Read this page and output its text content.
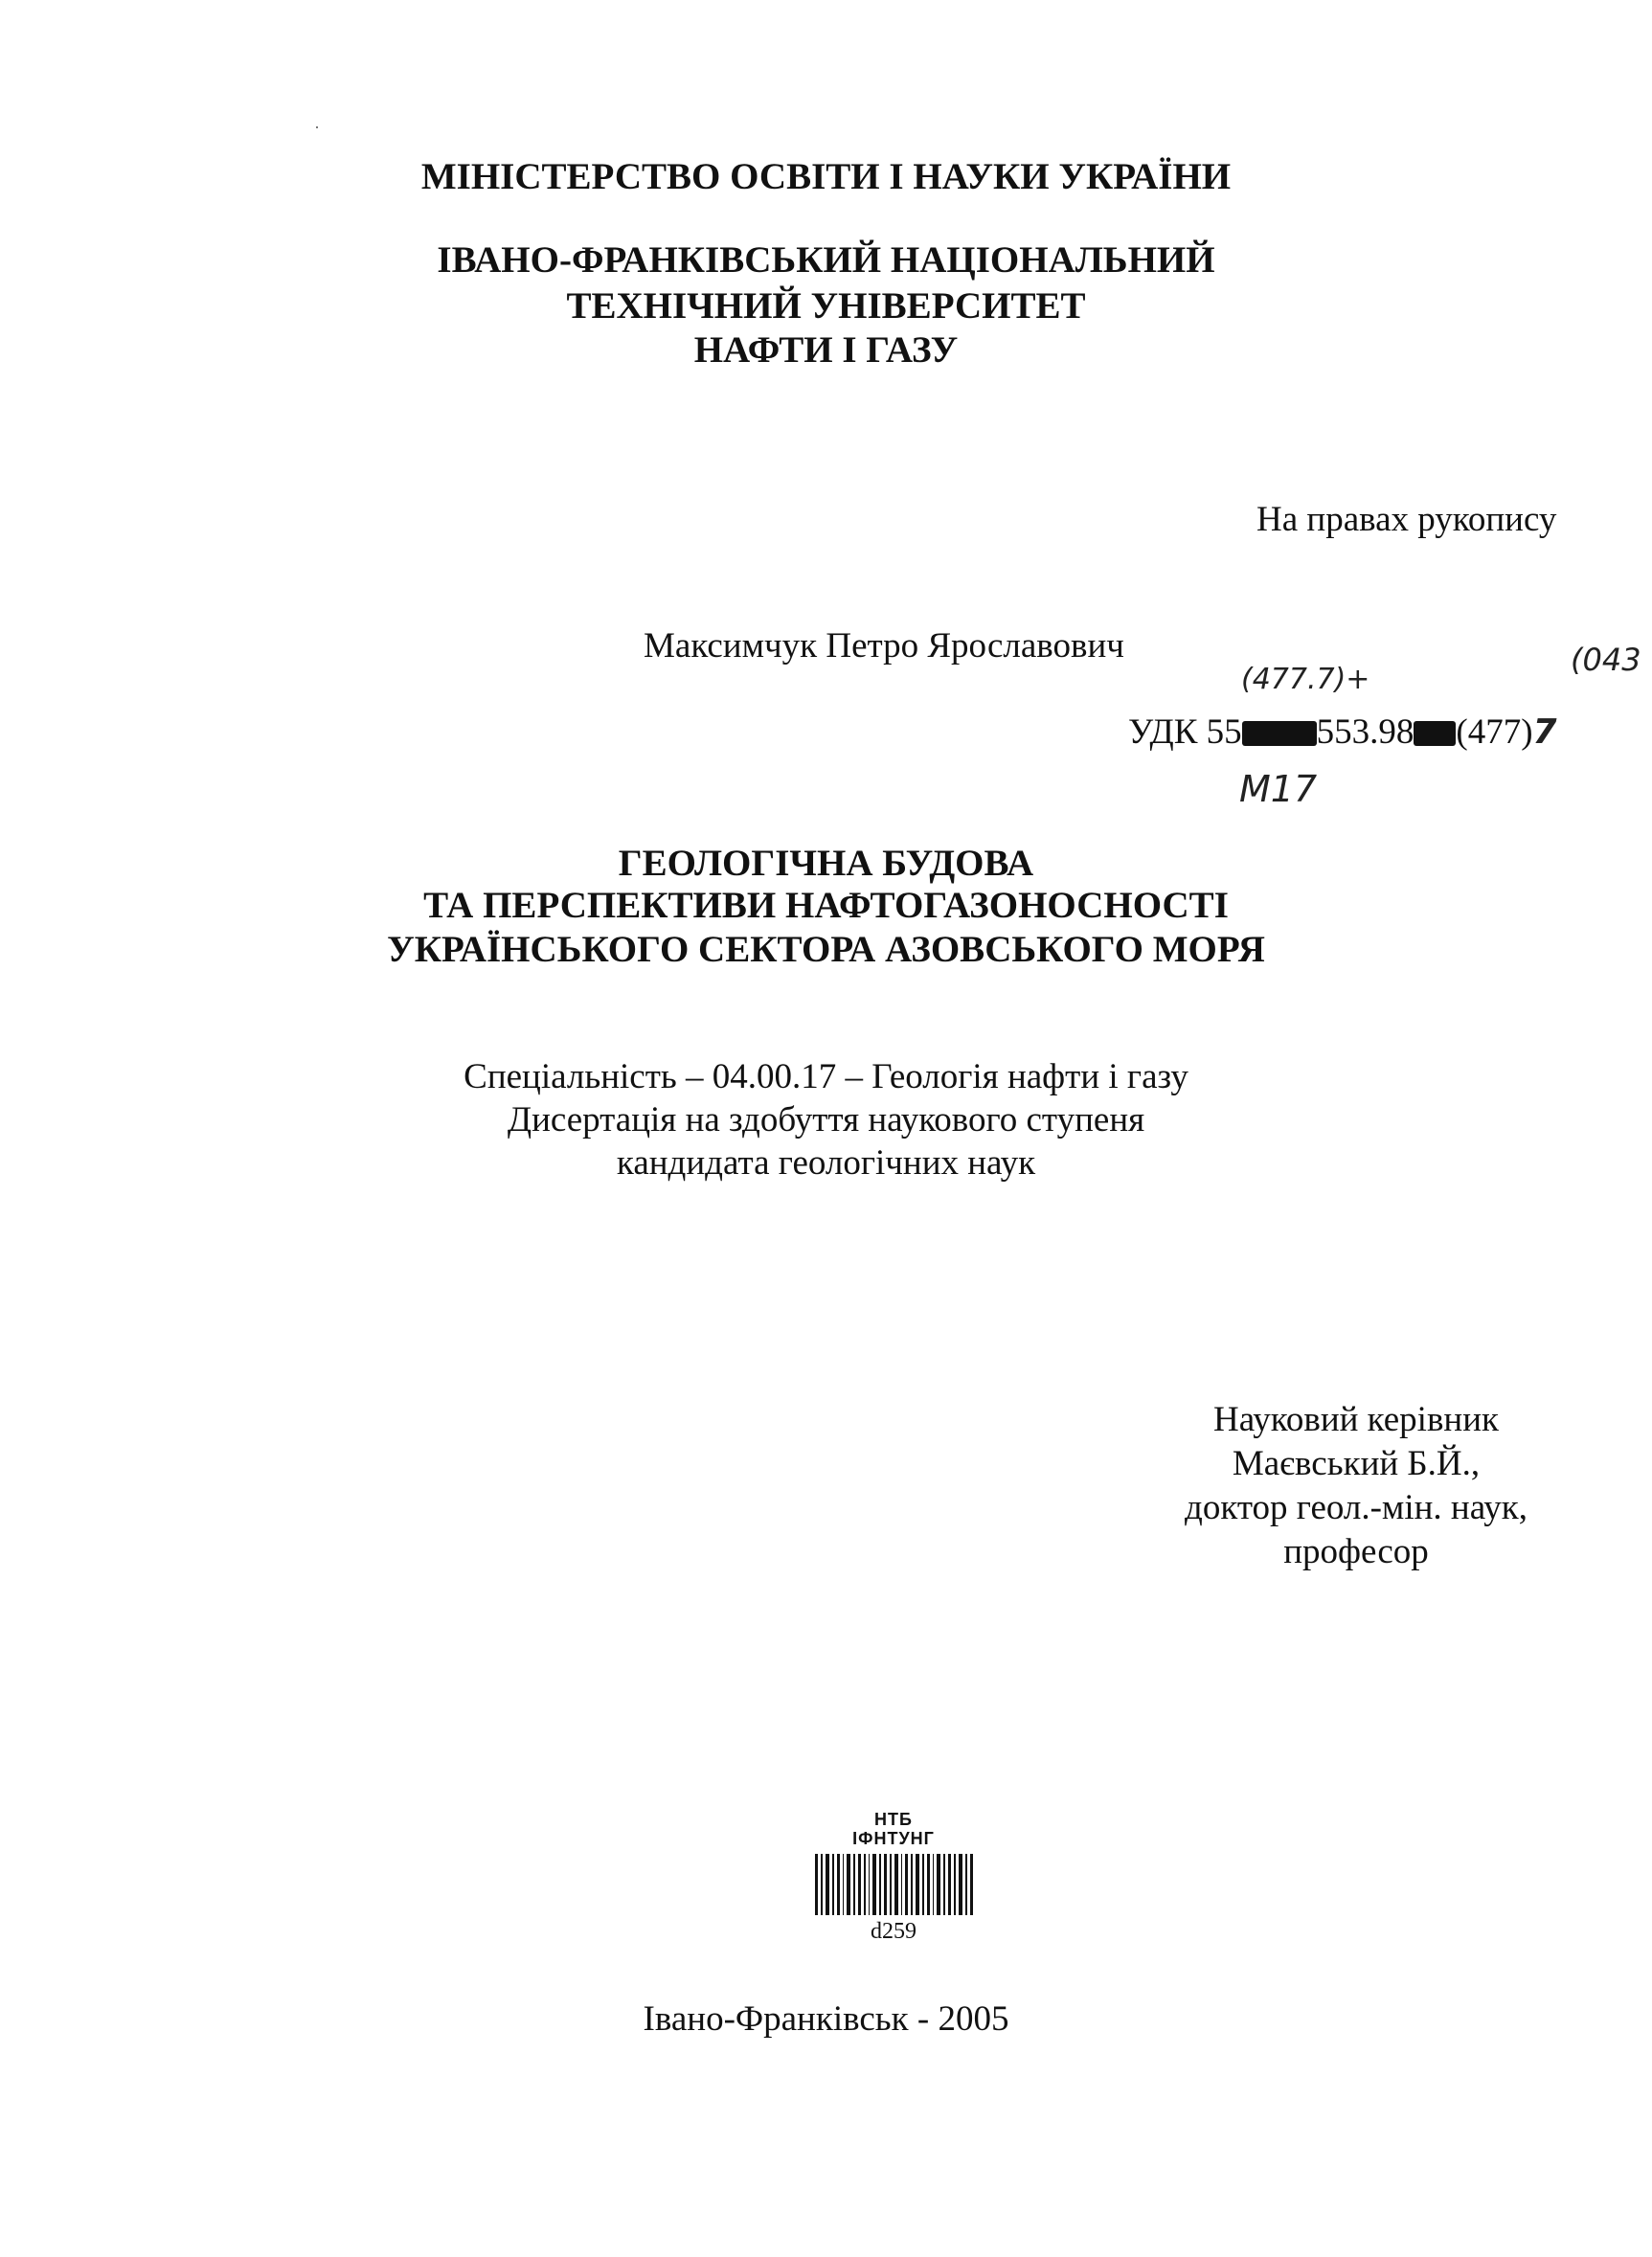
МІНІСТЕРСТВО ОСВІТИ І НАУКИ УКРАЇНИ
ІВАНО-ФРАНКІВСЬКИЙ НАЦІОНАЛЬНИЙ
ТЕХНІЧНИЙ УНІВЕРСИТЕТ
НАФТИ І ГАЗУ
На правах рукопису
Максимчук Петро Ярославович
(477.7)+
(043
УДК 55 553.98 (477)7
М17
ГЕОЛОГІЧНА БУДОВА
ТА ПЕРСПЕКТИВИ НАФТОГАЗОНОСНОСТІ
УКРАЇНСЬКОГО СЕКТОРА АЗОВСЬКОГО МОРЯ
Спеціальність – 04.00.17 – Геологія нафти і газу
Дисертація на здобуття наукового ступеня
кандидата геологічних наук
Науковий керівник
Маєвський Б.Й.,
доктор геол.-мін. наук,
професор
НТБ
ІФНТУНГ
d259
Івано-Франківськ - 2005
